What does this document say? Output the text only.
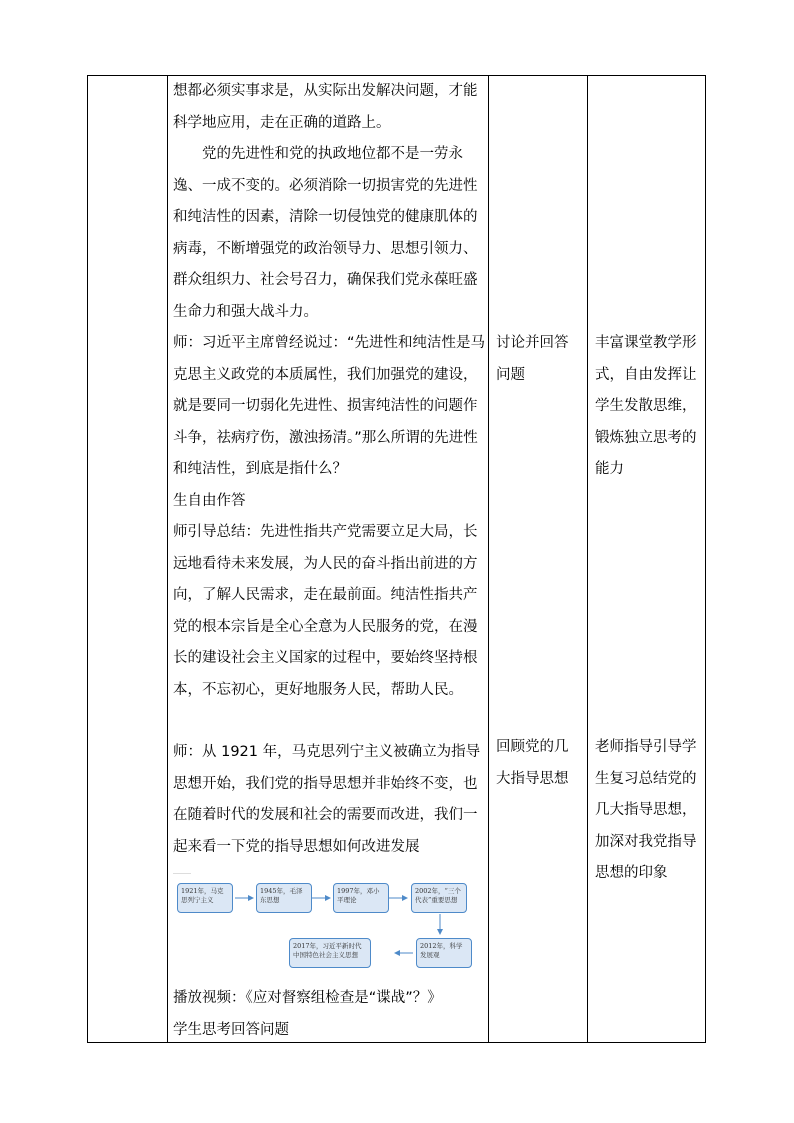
想都必须实事求是，从实际出发解决问题，才能科学地应用，走在正确的道路上。

党的先进性和党的执政地位都不是一劳永逸、一成不变的。必须消除一切损害党的先进性和纯洁性的因素，清除一切侵蚀党的健康肌体的病毒，不断增强党的政治领导力、思想引领力、群众组织力、社会号召力，确保我们党永葆旺盛生命力和强大战斗力。

师：习近平主席曾经说过：“先进性和纯洁性是马克思主义政党的本质属性，我们加强党的建设，就是要同一切弱化先进性、损害纯洁性的问题作斗争，祛病疗伤，激浊扬清。”那么所谓的先进性和纯洁性，到底是指什么？

生自由作答

师引导总结：先进性指共产党需要立足大局，长远地看待未来发展，为人民的奋斗指出前进的方向，了解人民需求，走在最前面。纯洁性指共产党的根本宗旨是全心全意为人民服务的党，在漫长的建设社会主义国家的过程中，要始终坚持根本，不忘初心，更好地服务人民，帮助人民。

师：从 1921 年，马克思列宁主义被确立为指导思想开始，我们党的指导思想并非始终不变，也在随着时代的发展和社会的需要而改进，我们一起来看一下党的指导思想如何改进发展

1921年，马克思列宁主义
1945年，毛泽东思想
1997年，邓小平理论
2002年，“三个代表”重要思想
2012年，科学发展观
2017年，习近平新时代中国特色社会主义思想

播放视频：《应对督察组检查是“谍战”？》

学生思考回答问题

讨论并回答问题
回顾党的几大指导思想
丰富课堂教学形式，自由发挥让学生发散思维，锻炼独立思考的能力
老师指导引导学生复习总结党的几大指导思想，加深对我党指导思想的印象
